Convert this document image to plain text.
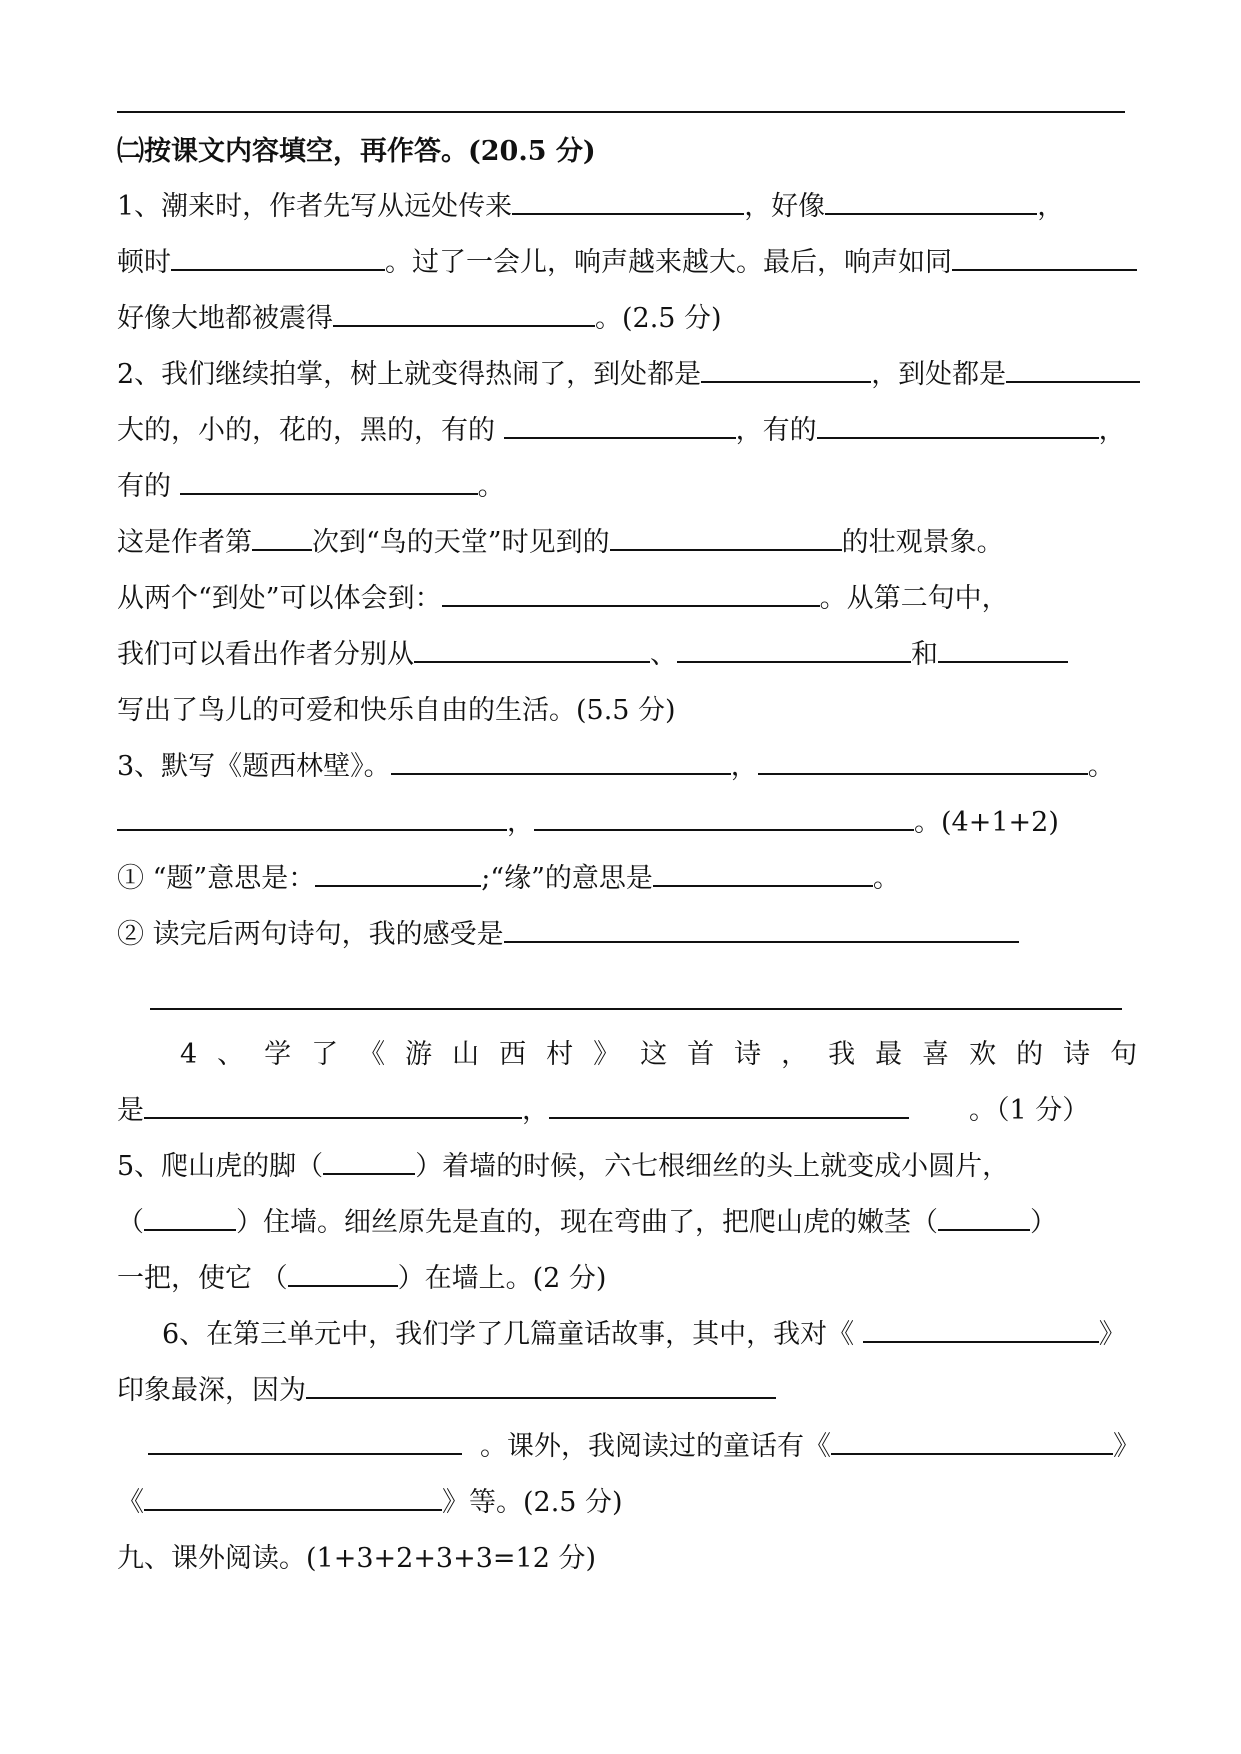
㈡按课文内容填空，再作答。(20.5 分)
1、潮来时，作者先写从远处传来	，好像	，
顿时	。过了一会儿，响声越来越大。最后，响声如同
好像大地都被震得	。(2.5 分)
2、我们继续拍掌，树上就变得热闹了，到处都是	，到处都是
大的，小的，花的，黑的，有的	，有的	，
有的	。
这是作者第 次到“鸟的天堂”时见到的	的壮观景象。
从两个“到处”可以体会到：	。从第二句中，
我们可以看出作者分别从	、	和
写出了鸟儿的可爱和快乐自由的生活。(5.5 分)
3、默写《题西林壁》。	，	。
，	。(4+1+2)
① “题”意思是：	;“缘”的意思是	。
② 读完后两句诗句，我的感受是
4、学了《游山西村》这首诗，我最喜欢的诗句
是	，	。（1 分）
5、爬山虎的脚（	）着墙的时候，六七根细丝的头上就变成小圆片，
（	）住墙。细丝原先是直的，现在弯曲了，把爬山虎的嫩茎（	）
一把，使它 （	）在墙上。(2 分)
6、在第三单元中，我们学了几篇童话故事，其中，我对《	》
印象最深，因为
。课外，我阅读过的童话有《	》
《	》等。(2.5 分)
九、课外阅读。(1+3+2+3+3=12 分)
